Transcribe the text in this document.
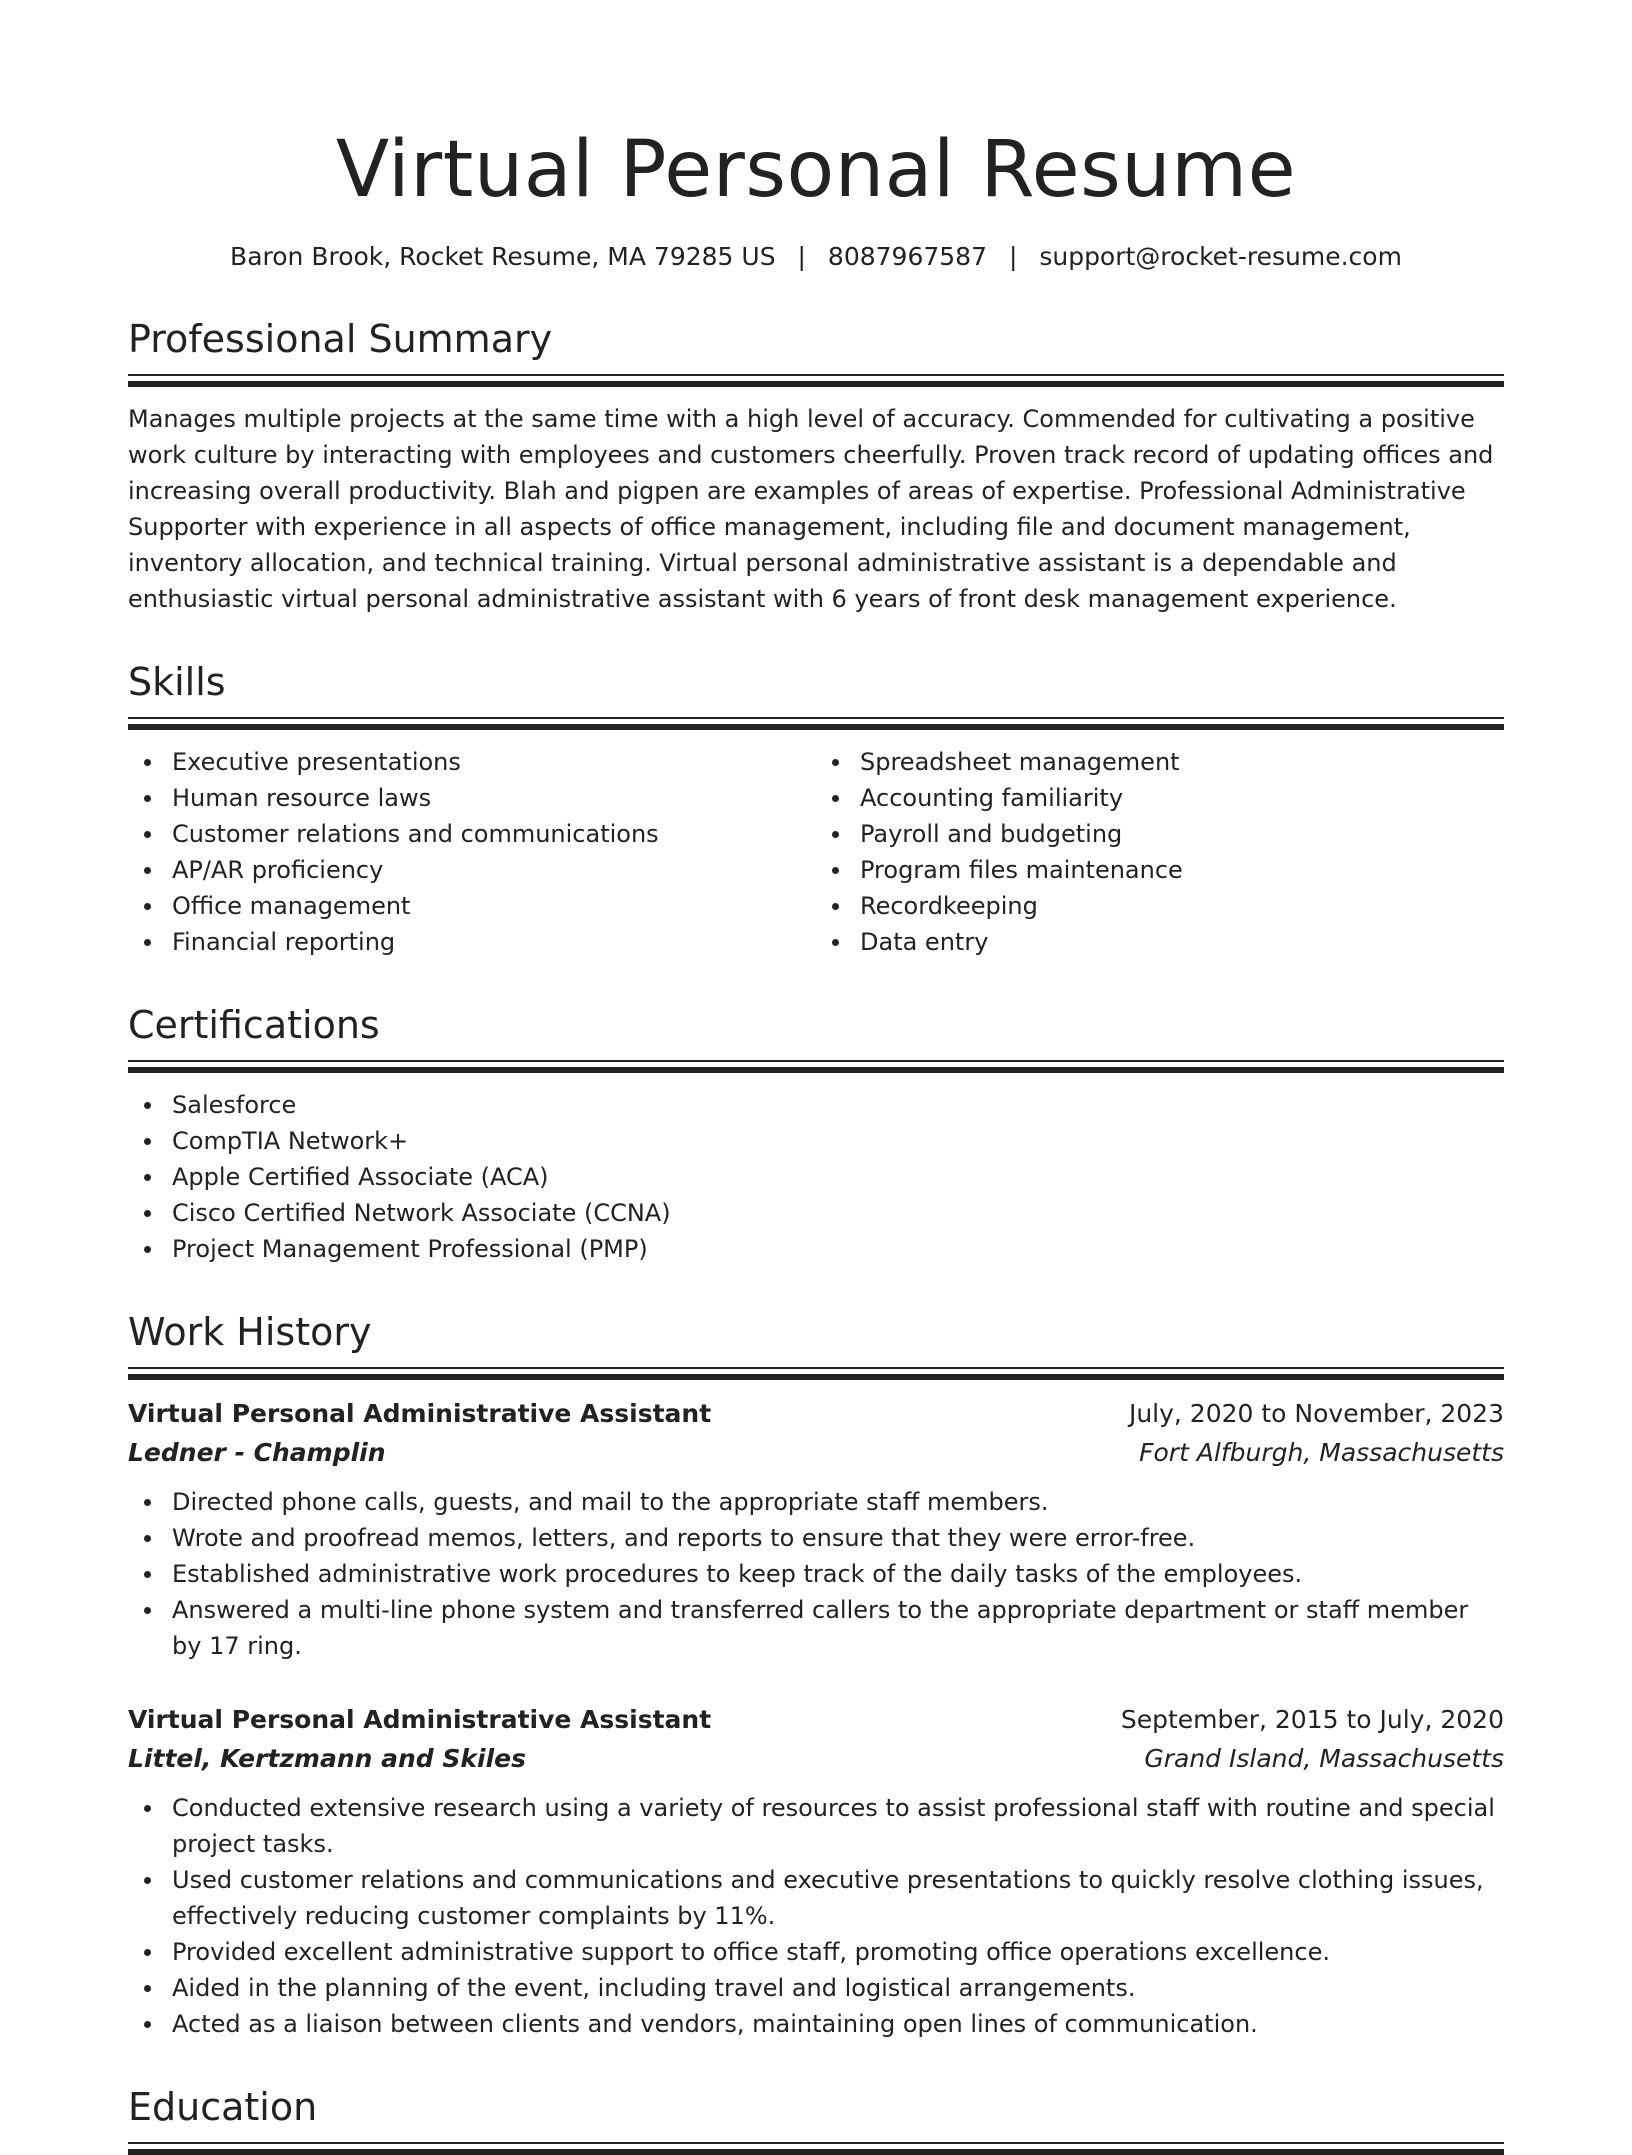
Virtual Personal Resume
Baron Brook, Rocket Resume, MA 79285 US | 8087967587 | support@rocket-resume.com
Professional Summary

Manages multiple projects at the same time with a high level of accuracy. Commended for cultivating a positive work culture by interacting with employees and customers cheerfully. Proven track record of updating offices and increasing overall productivity. Blah and pigpen are examples of areas of expertise. Professional Administrative Supporter with experience in all aspects of office management, including file and document management, inventory allocation, and technical training. Virtual personal administrative assistant is a dependable and enthusiastic virtual personal administrative assistant with 6 years of front desk management experience.

Skills
Executive presentations
Human resource laws
Customer relations and communications
AP/AR proficiency
Office management
Financial reporting
Spreadsheet management
Accounting familiarity
Payroll and budgeting
Program files maintenance
Recordkeeping
Data entry
Certifications
Salesforce
CompTIA Network+
Apple Certified Associate (ACA)
Cisco Certified Network Associate (CCNA)
Project Management Professional (PMP)
Work History
Virtual Personal Administrative Assistant	July, 2020 to November, 2023
Ledner - Champlin	Fort Alfburgh, Massachusetts
Directed phone calls, guests, and mail to the appropriate staff members.
Wrote and proofread memos, letters, and reports to ensure that they were error-free.
Established administrative work procedures to keep track of the daily tasks of the employees.
Answered a multi-line phone system and transferred callers to the appropriate department or staff member by 17 ring.
Virtual Personal Administrative Assistant	September, 2015 to July, 2020
Littel, Kertzmann and Skiles	Grand Island, Massachusetts
Conducted extensive research using a variety of resources to assist professional staff with routine and special project tasks.
Used customer relations and communications and executive presentations to quickly resolve clothing issues, effectively reducing customer complaints by 11%.
Provided excellent administrative support to office staff, promoting office operations excellence.
Aided in the planning of the event, including travel and logistical arrangements.
Acted as a liaison between clients and vendors, maintaining open lines of communication.
Education
